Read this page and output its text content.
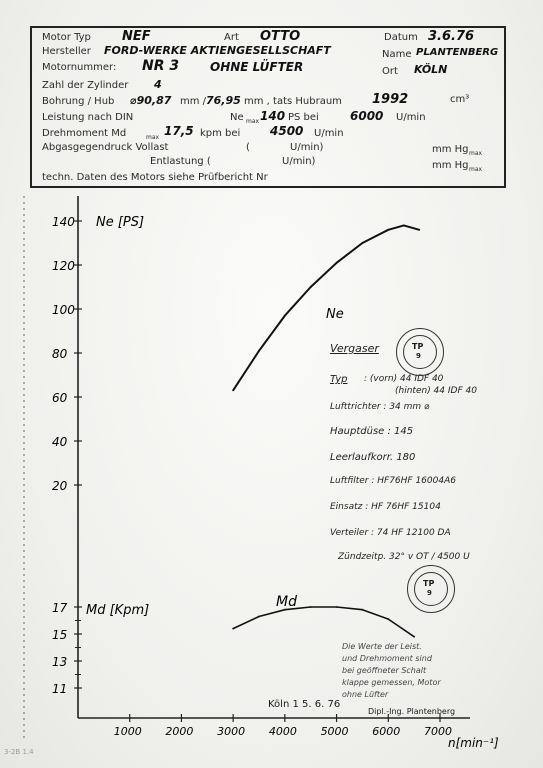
Motor Typ NEF	Art OTTO	Datum 3.6.76
Hersteller FORD-WERKE AKTIENGESELLSCHAFT	Name PLANTENBERG
Motornummer: NR 3	OHNE LÜFTER	Ort KÖLN
Zahl der Zylinder 4
Bohrung / Hub ⌀90,87 mm / 76,95 mm , tats Hubraum 1992	cm³
Leistung nach DIN	Ne max 140 PS bei	6000 U/min
Drehmoment Md	max 17,5 kpm bei 4500 U/min
Abgasgegendruck Vollast	(	U/min)	mm Hg max
Entlastung (	U/min)	mm Hg max
techn. Daten des Motors siehe Prüfbericht Nr
140
120
100
80
60
40
20
17
15
13
11
1000 2000 3000 4000 5000 6000 7000
Ne [PS]
Md [Kpm]
n[min⁻¹]
Ne
Md
Vergaser
Typ : (vorn) 44 IDF 40
(hinten) 44 IDF 40
Lufttrichter : 34 mm ⌀
Hauptdüse : 145
Leerlaufkorr. 180
Luftfilter : HF76HF 16004A6
Einsatz : HF 76HF 15104
Verteiler : 74 HF 12100 DA
Zündzeitp. 32° v OT / 4500 U
Die Werte der Leist.
und Drehmoment sind
bei geöffneter Schalt
klappe gemessen, Motor
ohne Lüfter
TP
9
TP
9
Köln 1 5. 6. 76
Dipl.-Ing. Plantenberg
3-2B 1.4
